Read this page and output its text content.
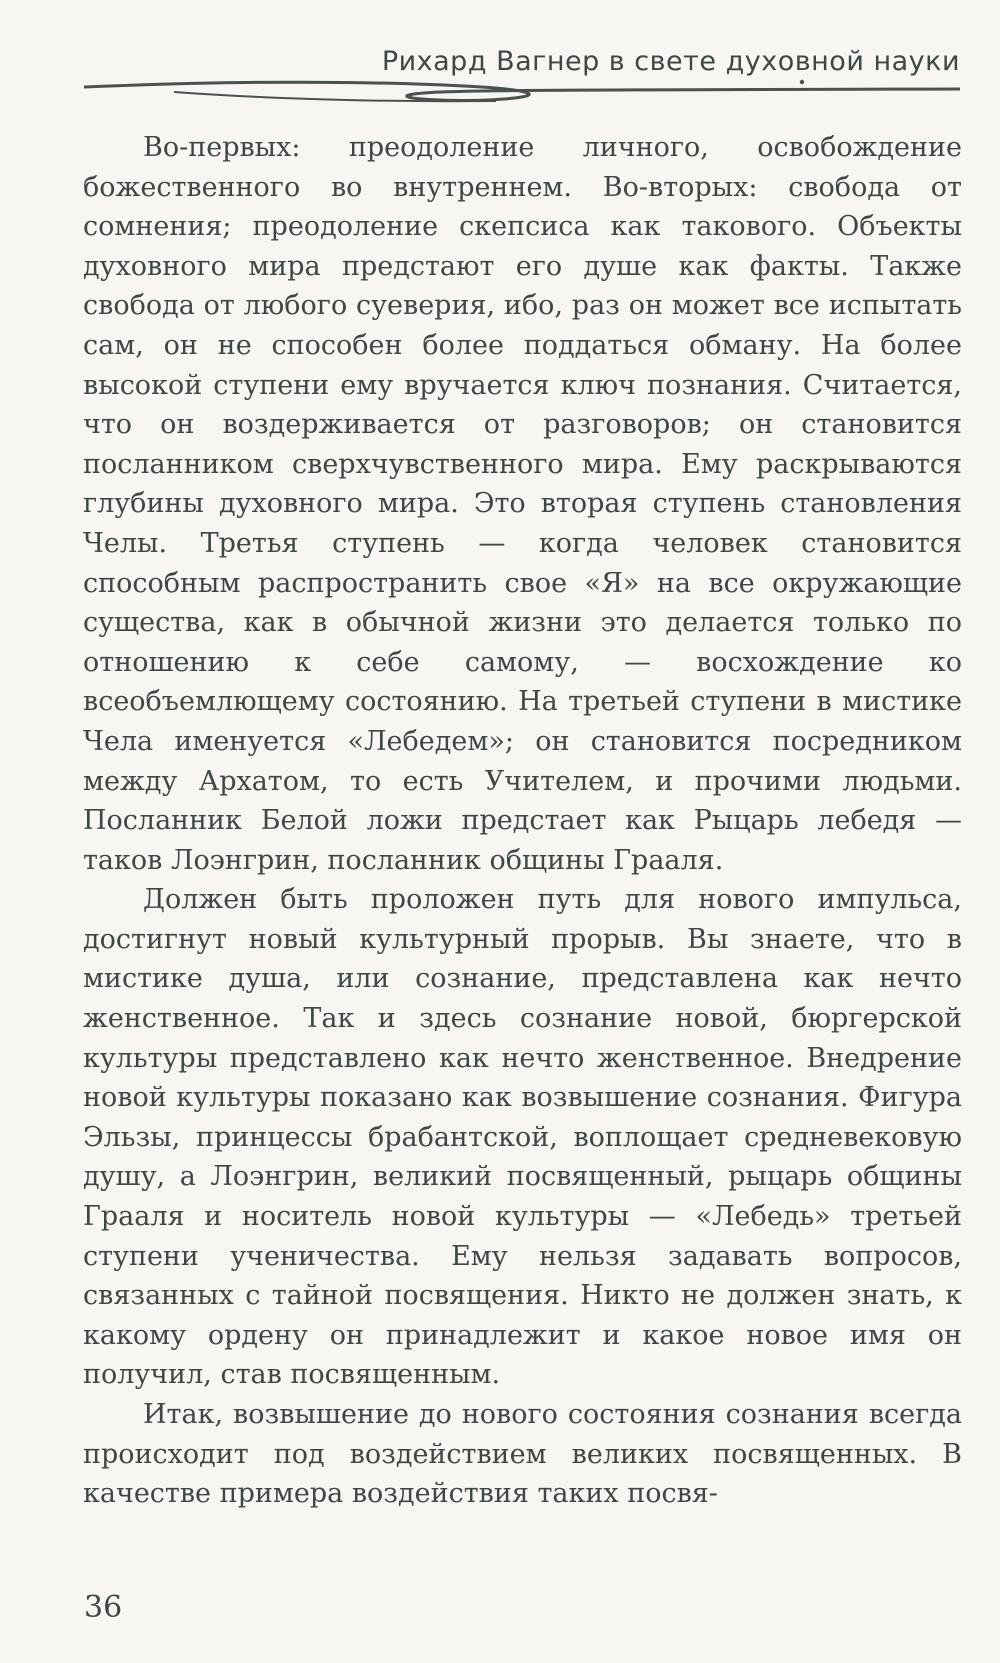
Рихард Вагнер в свете духовной науки

Во-первых: преодоление личного, освобождение божественного во внутреннем. Во-вторых: свобода от сомнения; преодоление скепсиса как такового. Объекты духовного мира предстают его душе как факты. Также свобода от любого суеверия, ибо, раз он может все испытать сам, он не способен более поддаться обману. На более высокой ступени ему вручается ключ познания. Считается, что он воздерживается от разговоров; он становится посланником сверхчувственного мира. Ему раскрываются глубины духовного мира. Это вторая ступень становления Челы. Третья ступень — когда человек становится способным распространить свое «Я» на все окружающие существа, как в обычной жизни это делается только по отношению к себе самому, — восхождение ко всеобъемлющему состоянию. На третьей ступени в мистике Чела именуется «Лебедем»; он становится посредником между Архатом, то есть Учителем, и прочими людьми. Посланник Белой ложи предстает как Рыцарь лебедя — таков Лоэнгрин, посланник общины Грааля.

Должен быть проложен путь для нового импульса, достигнут новый культурный прорыв. Вы знаете, что в мистике душа, или сознание, представлена как нечто женственное. Так и здесь сознание новой, бюргерской культуры представлено как нечто женственное. Внедрение новой культуры показано как возвышение сознания. Фигура Эльзы, принцессы брабантской, воплощает средневековую душу, а Лоэнгрин, великий посвященный, рыцарь общины Грааля и носитель новой культуры — «Лебедь» третьей ступени ученичества. Ему нельзя задавать вопросов, связанных с тайной посвящения. Никто не должен знать, к какому ордену он принадлежит и какое новое имя он получил, став посвященным.

Итак, возвышение до нового состояния сознания всегда происходит под воздействием великих посвященных. В качестве примера воздействия таких посвя-

36
